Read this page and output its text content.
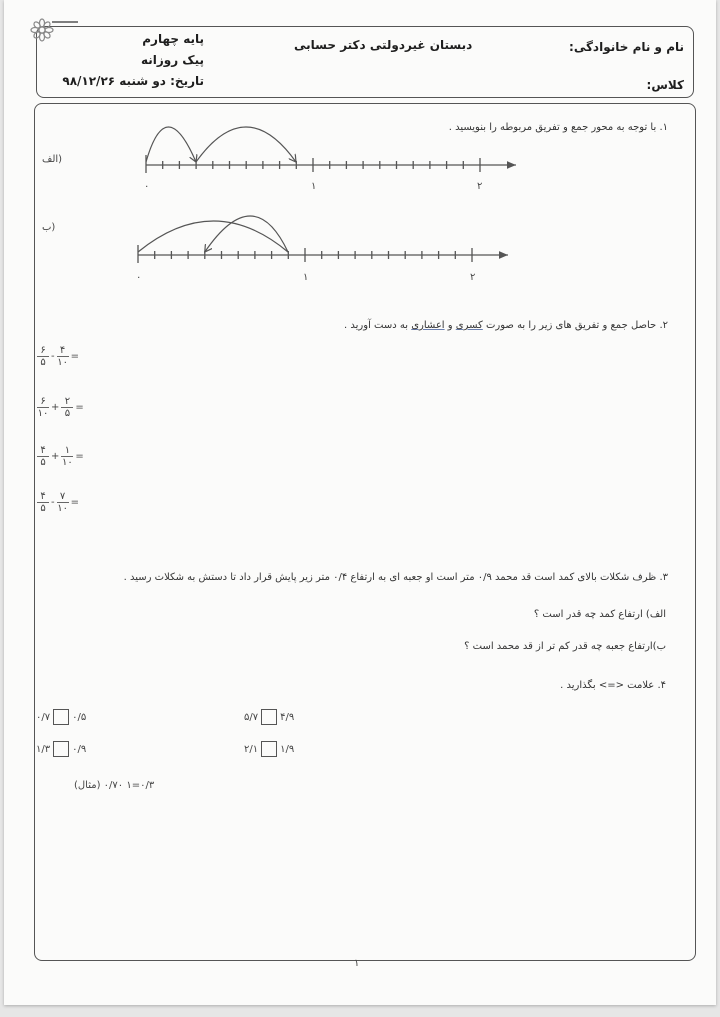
نام و نام خانوادگی:
کلاس:
دبستان غیردولتی دکتر حسابی
پایه چهارم
پیک روزانه
تاریخ: دو شنبه ۹۸/۱۲/۲۶
۱. با توجه به محور جمع و تفریق مربوطه را بنویسید .
(الف
۰	۱	۲
(ب
۰	۱	۲
۲. حاصل جمع و تفریق های زیر را به صورت کسری و اعشاری به دست آورید .
۶
۵
-
۴
۱۰
=
۶
۱۰
+
۲
۵
=
۴
۵
+
۱
۱۰
=
۴
۵
-
۷
۱۰
=
۳. ظرف شکلات بالای کمد است قد محمد ۰/۹ متر است او جعبه ای به ارتفاع ۰/۴ متر زیر پایش قرار داد تا دستش به شکلات رسید .
الف) ارتفاع کمد چه قدر است ؟
ب)ارتفاع جعبه چه قدر کم تر از قد محمد است ؟
۴. علامت <=> بگذارید .
۵/۷ ۴/۹
۰/۷ ۰/۵
۲/۱ ۱/۹
۱/۳ ۰/۹
۰/۳=۱ ۰/۷۰ (مثال)
۱
